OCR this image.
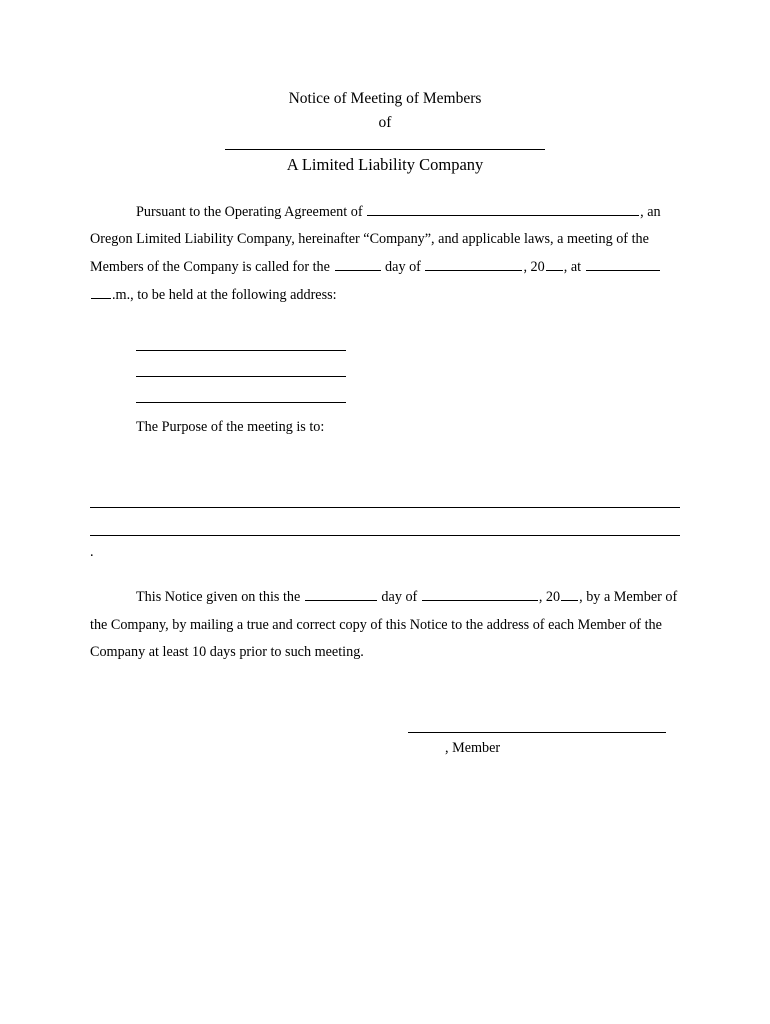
Notice of Meeting of Members
of
A Limited Liability Company
Pursuant to the Operating Agreement of	, an Oregon Limited Liability Company, hereinafter “Company”, and applicable laws, a meeting of the Members of the Company is called for the	day of	, 20 , at .m., to be held at the following address:
The Purpose of the meeting is to:
.
This Notice given on this the	day of	, 20 , by a Member of the Company, by mailing a true and correct copy of this Notice to the address of each Member of the Company at least 10 days prior to such meeting.
, Member
